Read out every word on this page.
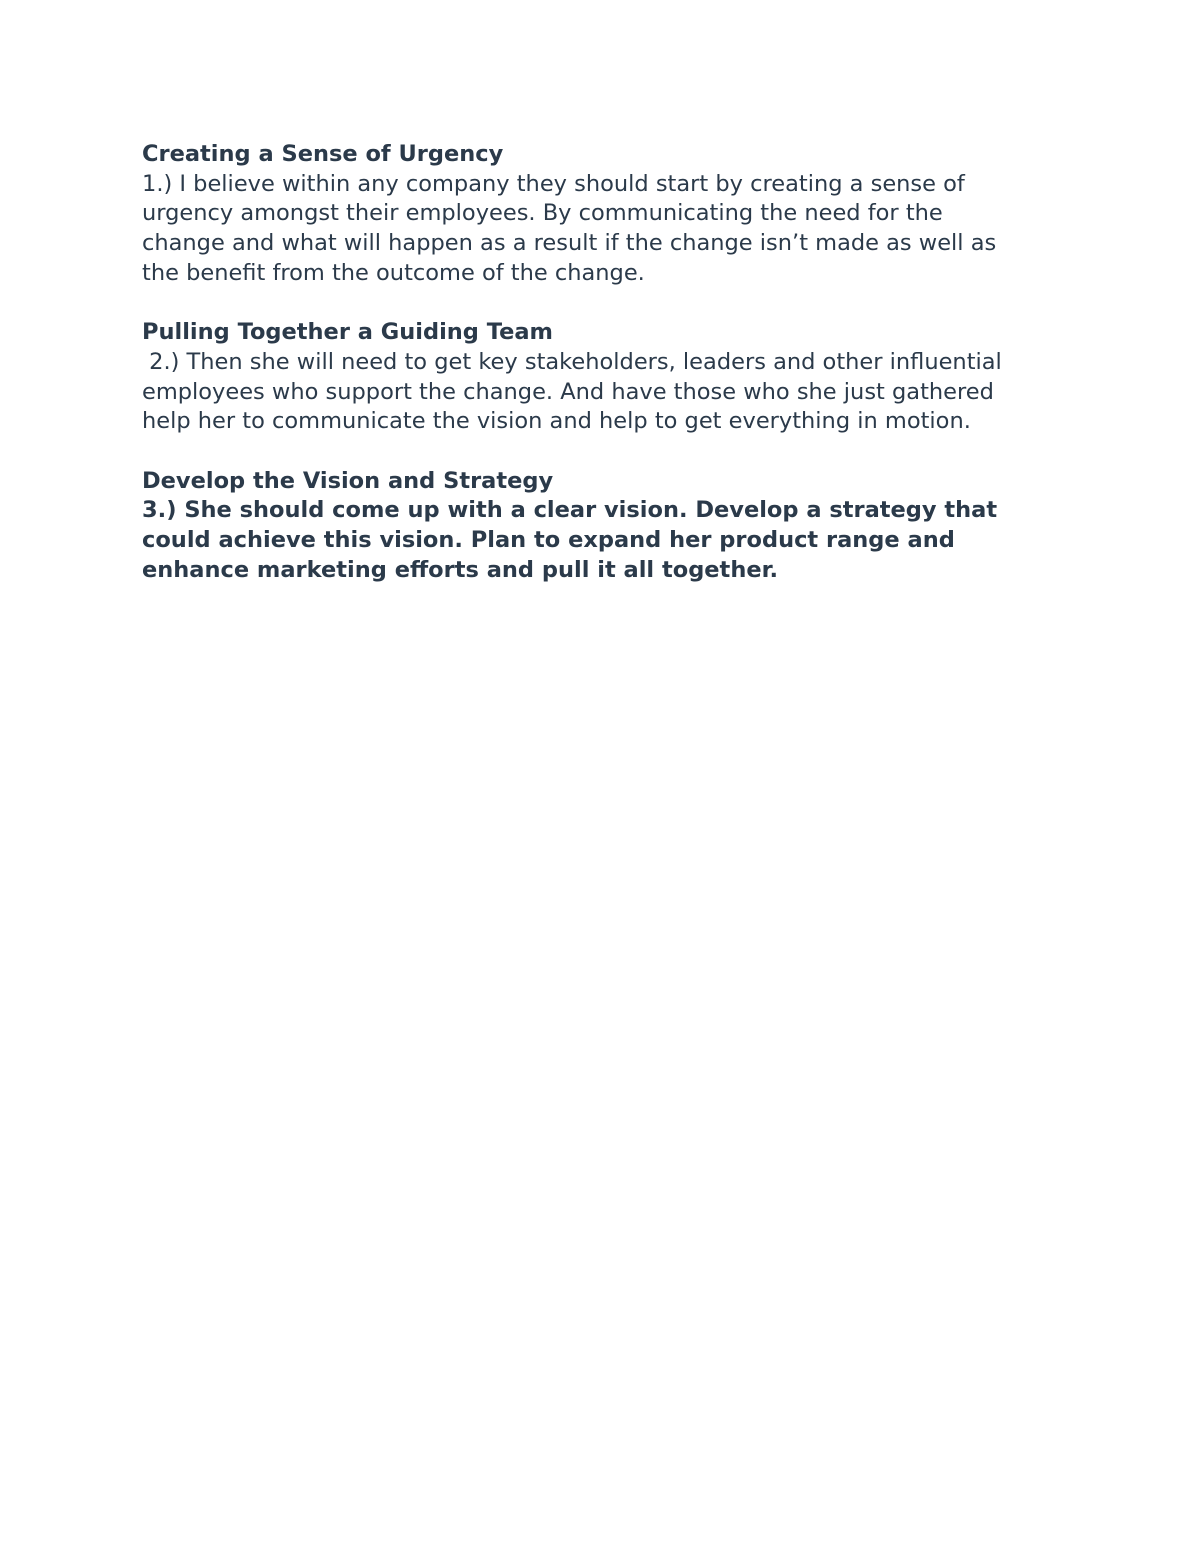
Creating a Sense of Urgency

1.) I believe within any company they should start by creating a sense of

urgency amongst their employees. By communicating the need for the

change and what will happen as a result if the change isn’t made as well as

the benefit from the outcome of the change.

Pulling Together a Guiding Team

2.) Then she will need to get key stakeholders, leaders and other influential

employees who support the change. And have those who she just gathered

help her to communicate the vision and help to get everything in motion.

Develop the Vision and Strategy

3.) She should come up with a clear vision. Develop a strategy that

could achieve this vision. Plan to expand her product range and

enhance marketing efforts and pull it all together.
